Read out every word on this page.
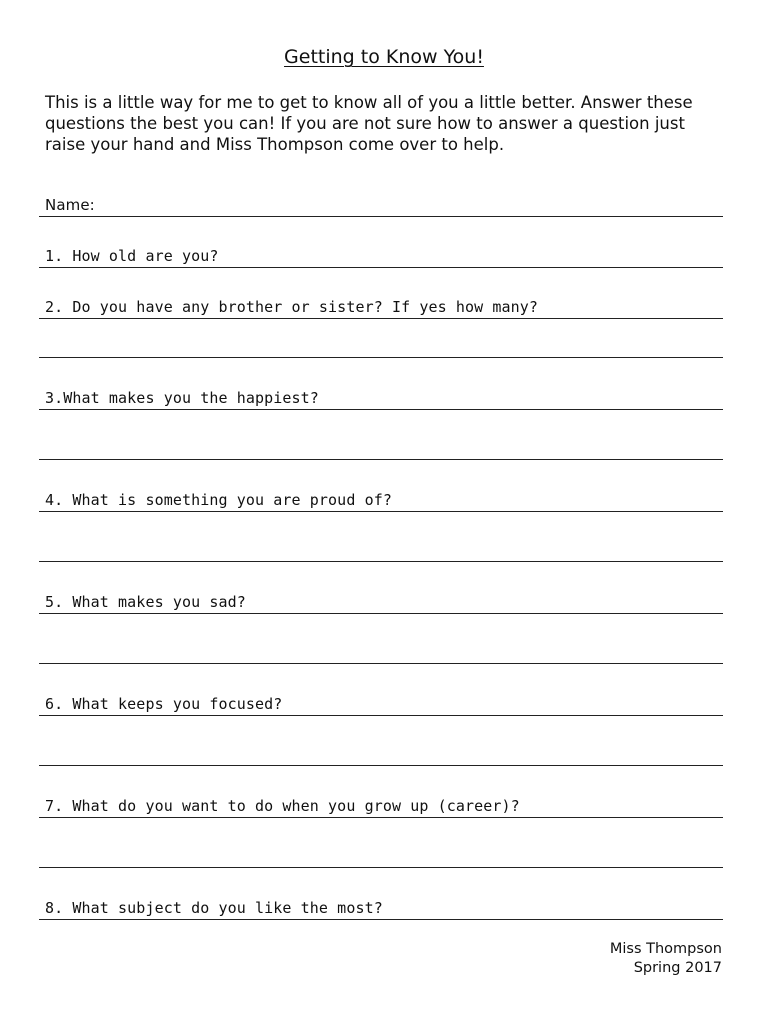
Getting to Know You!
This is a little way for me to get to know all of you a little better. Answer these questions the best you can! If you are not sure how to answer a question just raise your hand and Miss Thompson come over to help.
Name:
1. How old are you?
2. Do you have any brother or sister? If yes how many?
3.What makes you the happiest?
4. What is something you are proud of?
5. What makes you sad?
6. What keeps you focused?
7. What do you want to do when you grow up (career)?
8. What subject do you like the most?
Miss Thompson
Spring 2017
